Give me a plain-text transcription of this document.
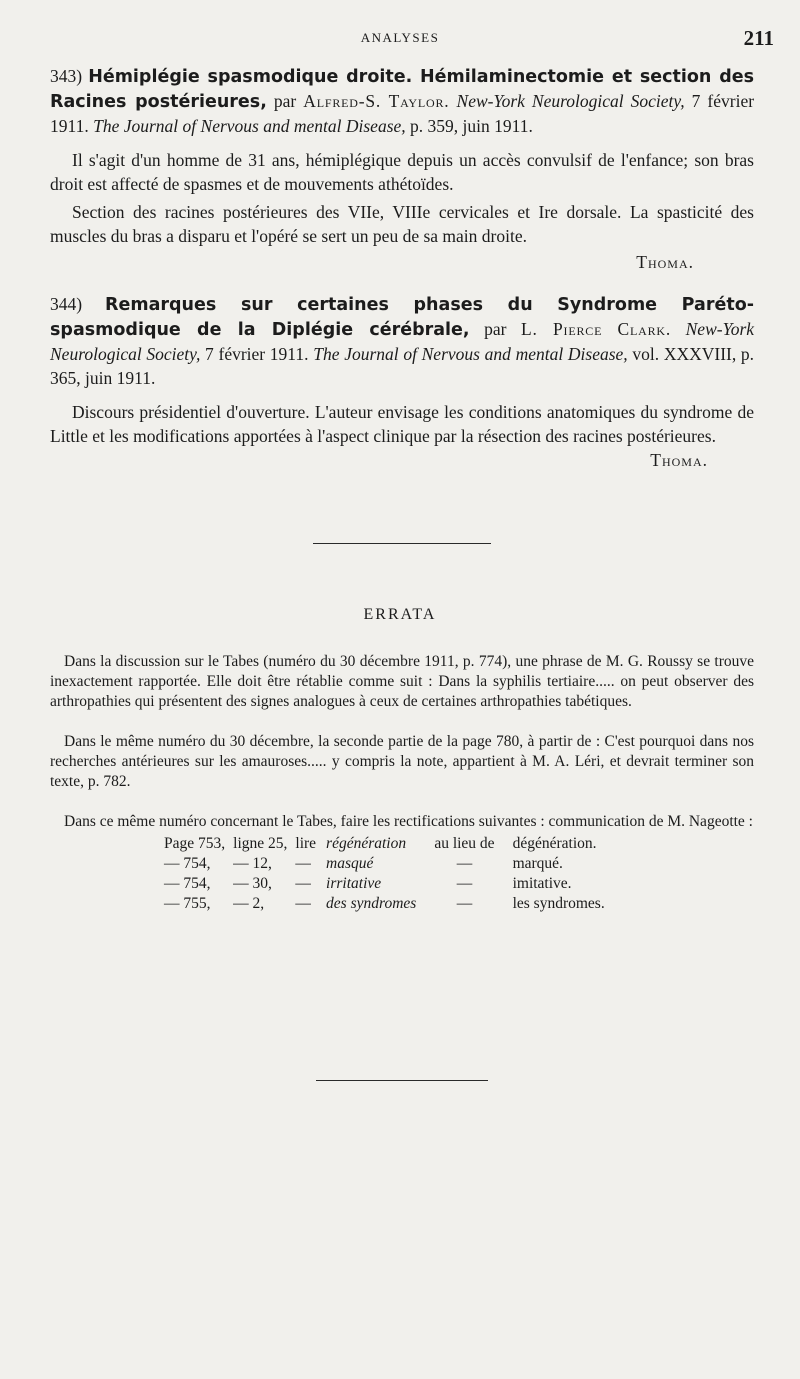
ANALYSES	211

343) Hémiplégie spasmodique droite. Hémilaminectomie et section des Racines postérieures, par Alfred-S. Taylor. New-York Neurological Society, 7 février 1911. The Journal of Nervous and mental Disease, p. 359, juin 1911.

Il s'agit d'un homme de 31 ans, hémiplégique depuis un accès convulsif de l'enfance; son bras droit est affecté de spasmes et de mouvements athétoïdes.

Section des racines postérieures des VIIe, VIIIe cervicales et Ire dorsale. La spasticité des muscles du bras a disparu et l'opéré se sert un peu de sa main droite.

Thoma.

344) Remarques sur certaines phases du Syndrome Paréto-spasmodique de la Diplégie cérébrale, par L. Pierce Clark. New-York Neurological Society, 7 février 1911. The Journal of Nervous and mental Disease, vol. XXXVIII, p. 365, juin 1911.

Discours présidentiel d'ouverture. L'auteur envisage les conditions anatomiques du syndrome de Little et les modifications apportées à l'aspect clinique par la résection des racines postérieures.
Thoma.

ERRATA

Dans la discussion sur le Tabes (numéro du 30 décembre 1911, p. 774), une phrase de M. G. Roussy se trouve inexactement rapportée. Elle doit être rétablie comme suit : Dans la syphilis tertiaire..... on peut observer des arthropathies qui présentent des signes analogues à ceux de certaines arthropathies tabétiques.

Dans le même numéro du 30 décembre, la seconde partie de la page 780, à partir de : C'est pourquoi dans nos recherches antérieures sur les amauroses..... y compris la note, appartient à M. A. Léri, et devrait terminer son texte, p. 782.

Dans ce même numéro concernant le Tabes, faire les rectifications suivantes : communication de M. Nageotte :

Page 753,	ligne 25,	lire	régénération	au lieu de	dégénération.
— 754,	— 12,	—	masqué	—	marqué.
— 754,	— 30,	—	irritative	—	imitative.
— 755,	— 2,	—	des syndromes	—	les syndromes.
